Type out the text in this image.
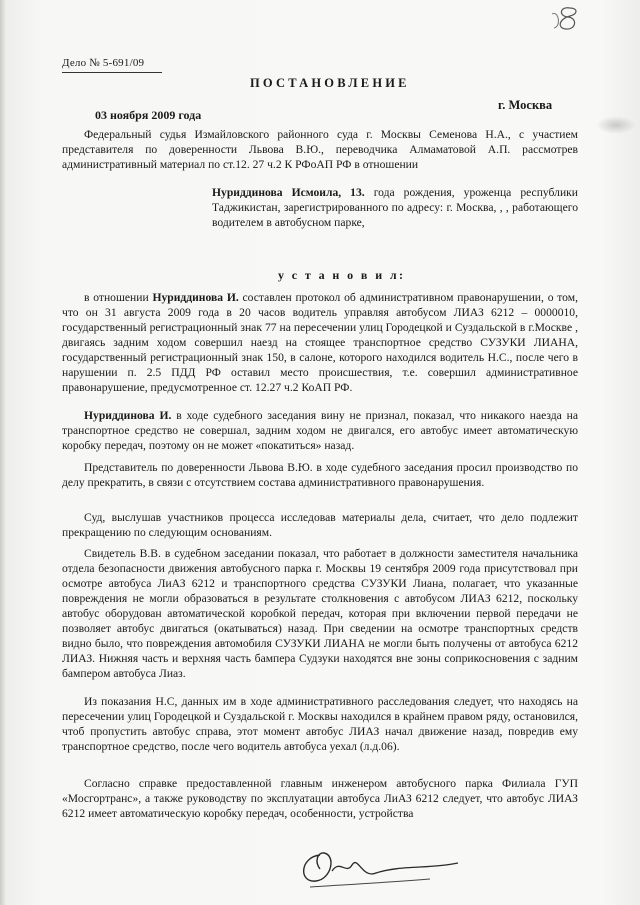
Дело № 5-691/09
ПОСТАНОВЛЕНИЕ
03 ноября 2009 года
г. Москва
Федеральный судья Измайловского районного суда г. Москвы Семенова Н.А., с участием представителя по доверенности Львова В.Ю., переводчика Алмаматовой А.П. рассмотрев административный материал по ст.12. 27 ч.2 К РФоАП РФ в отношении
Нуриддинова Исмоила, 13. года рождения, уроженца республики Таджикистан, зарегистрированного по адресу: г. Москва, , , работающего водителем в автобусном парке,
у с т а н о в и л:
в отношении Нуриддинова И. составлен протокол об административном правонарушении, о том, что он 31 августа 2009 года в 20 часов водитель управляя автобусом ЛИАЗ 6212 – 0000010, государственный регистрационный знак 77 на пересечении улиц Городецкой и Суздальской в г.Москве , двигаясь задним ходом совершил наезд на стоящее транспортное средство СУЗУКИ ЛИАНА, государственный регистрационный знак 150, в салоне, которого находился водитель Н.С., после чего в нарушении п. 2.5 ПДД РФ оставил место происшествия, т.е. совершил административное правонарушение, предусмотренное ст. 12.27 ч.2 КоАП РФ.
Нуриддинова И. в ходе судебного заседания вину не признал, показал, что никакого наезда на транспортное средство не совершал, задним ходом не двигался, его автобус имеет автоматическую коробку передач, поэтому он не может «покатиться» назад.
Представитель по доверенности Львова В.Ю. в ходе судебного заседания просил производство по делу прекратить, в связи с отсутствием состава административного правонарушения.
Суд, выслушав участников процесса исследовав материалы дела, считает, что дело подлежит прекращению по следующим основаниям.
Свидетель В.В. в судебном заседании показал, что работает в должности заместителя начальника отдела безопасности движения автобусного парка г. Москвы 19 сентября 2009 года присутствовал при осмотре автобуса ЛиАЗ 6212 и транспортного средства СУЗУКИ Лиана, полагает, что указанные повреждения не могли образоваться в результате столкновения с автобусом ЛИАЗ 6212, поскольку автобус оборудован автоматической коробкой передач, которая при включении первой передачи не позволяет автобус двигаться (окатываться) назад. При сведении на осмотре транспортных средств видно было, что повреждения автомобиля СУЗУКИ ЛИАНА не могли быть получены от автобуса 6212 ЛИАЗ. Нижняя часть и верхняя часть бампера Судзуки находятся вне зоны соприкосновения с задним бампером автобуса Лиаз.
Из показания Н.С, данных им в ходе административного расследования следует, что находясь на пересечении улиц Городецкой и Суздальской г. Москвы находился в крайнем правом ряду, остановился, чтоб пропустить автобус справа, этот момент автобус ЛИАЗ начал движение назад, повредив ему транспортное средство, после чего водитель автобуса уехал (л.д.06).
Согласно справке предоставленной главным инженером автобусного парка Филиала ГУП «Мосгортранс», а также руководству по эксплуатации автобуса ЛиАЗ 6212 следует, что автобус ЛИАЗ 6212 имеет автоматическую коробку передач, особенности, устройства
